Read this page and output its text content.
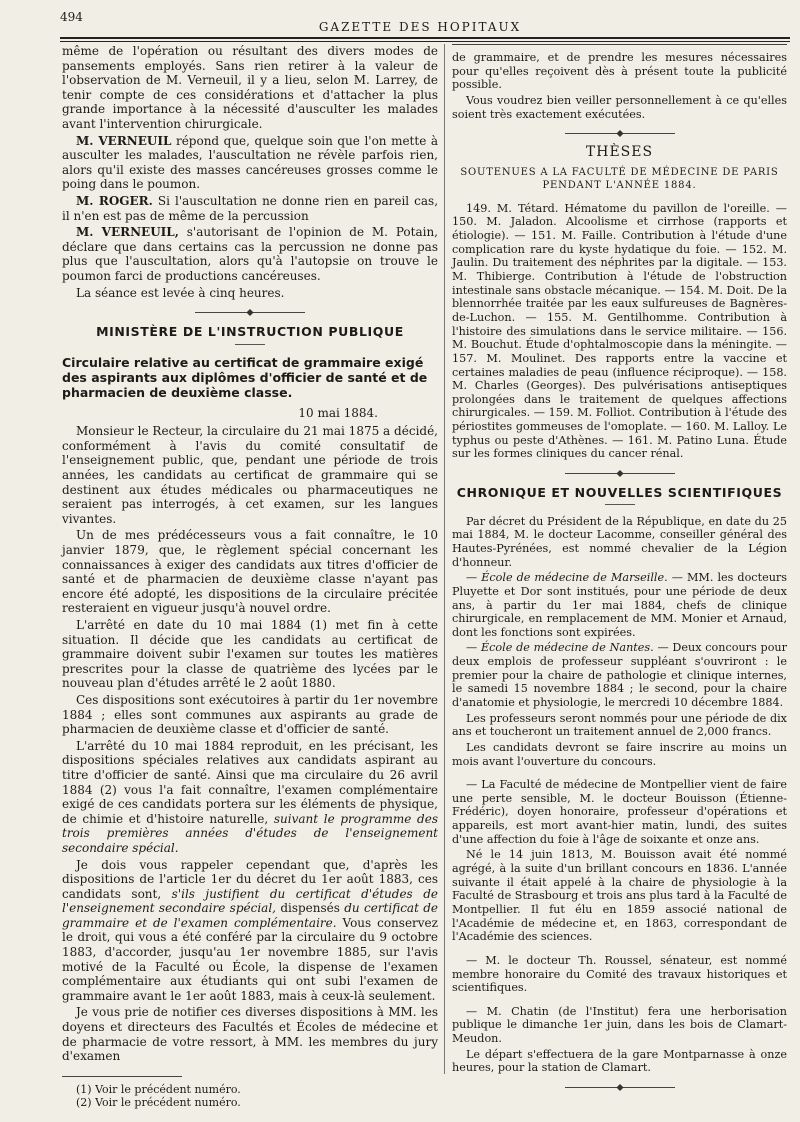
494
GAZETTE DES HOPITAUX

même de l'opération ou résultant des divers modes de pansements employés. Sans rien retirer à la valeur de l'observation de M. Verneuil, il y a lieu, selon M. Larrey, de tenir compte de ces considérations et d'attacher la plus grande importance à la nécessité d'ausculter les malades avant l'intervention chirurgicale.

M. VERNEUIL répond que, quelque soin que l'on mette à ausculter les malades, l'auscultation ne révèle parfois rien, alors qu'il existe des masses cancéreuses grosses comme le poing dans le poumon.

M. ROGER. Si l'auscultation ne donne rien en pareil cas, il n'en est pas de même de la percussion

M. VERNEUIL, s'autorisant de l'opinion de M. Potain, déclare que dans certains cas la percussion ne donne pas plus que l'auscultation, alors qu'à l'autopsie on trouve le poumon farci de productions cancéreuses.

La séance est levée à cinq heures.

MINISTÈRE DE L'INSTRUCTION PUBLIQUE
Circulaire relative au certificat de grammaire exigé des aspirants aux diplômes d'officier de santé et de pharmacien de deuxième classe.
10 mai 1884.

Monsieur le Recteur, la circulaire du 21 mai 1875 a décidé, conformément à l'avis du comité consultatif de l'enseignement public, que, pendant une période de trois années, les candidats au certificat de grammaire qui se destinent aux études médicales ou pharmaceutiques ne seraient pas interrogés, à cet examen, sur les langues vivantes.

Un de mes prédécesseurs vous a fait connaître, le 10 janvier 1879, que, le règlement spécial concernant les connaissances à exiger des candidats aux titres d'officier de santé et de pharmacien de deuxième classe n'ayant pas encore été adopté, les dispositions de la circulaire précitée resteraient en vigueur jusqu'à nouvel ordre.

L'arrêté en date du 10 mai 1884 (1) met fin à cette situation. Il décide que les candidats au certificat de grammaire doivent subir l'examen sur toutes les matières prescrites pour la classe de quatrième des lycées par le nouveau plan d'études arrêté le 2 août 1880.

Ces dispositions sont exécutoires à partir du 1er novembre 1884 ; elles sont communes aux aspirants au grade de pharmacien de deuxième classe et d'officier de santé.

L'arrêté du 10 mai 1884 reproduit, en les précisant, les dispositions spéciales relatives aux candidats aspirant au titre d'officier de santé. Ainsi que ma circulaire du 26 avril 1884 (2) vous l'a fait connaître, l'examen complémentaire exigé de ces candidats portera sur les éléments de physique, de chimie et d'histoire naturelle, suivant le programme des trois premières années d'études de l'enseignement secondaire spécial.

Je dois vous rappeler cependant que, d'après les dispositions de l'article 1er du décret du 1er août 1883, ces candidats sont, s'ils justifient du certificat d'études de l'enseignement secondaire spécial, dispensés du certificat de grammaire et de l'examen complémentaire. Vous conservez le droit, qui vous a été conféré par la circulaire du 9 octobre 1883, d'accorder, jusqu'au 1er novembre 1885, sur l'avis motivé de la Faculté ou École, la dispense de l'examen complémentaire aux étudiants qui ont subi l'examen de grammaire avant le 1er août 1883, mais à ceux-là seulement.

Je vous prie de notifier ces diverses dispositions à MM. les doyens et directeurs des Facultés et Écoles de médecine et de pharmacie de votre ressort, à MM. les membres du jury d'examen

(1) Voir le précédent numéro.

(2) Voir le précédent numéro.

de grammaire, et de prendre les mesures nécessaires pour qu'elles reçoivent dès à présent toute la publicité possible.

Vous voudrez bien veiller personnellement à ce qu'elles soient très exactement exécutées.

THÈSES
SOUTENUES A LA FACULTÉ DE MÉDECINE DE PARIS PENDANT L'ANNÉE 1884.

149. M. Tétard. Hématome du pavillon de l'oreille. — 150. M. Jaladon. Alcoolisme et cirrhose (rapports et étiologie). — 151. M. Faille. Contribution à l'étude d'une complication rare du kyste hydatique du foie. — 152. M. Jaulin. Du traitement des néphrites par la digitale. — 153. M. Thibierge. Contribution à l'étude de l'obstruction intestinale sans obstacle mécanique. — 154. M. Doit. De la blennorrhée traitée par les eaux sulfureuses de Bagnères-de-Luchon. — 155. M. Gentilhomme. Contribution à l'histoire des simulations dans le service militaire. — 156. M. Bouchut. Étude d'ophtalmoscopie dans la méningite. — 157. M. Moulinet. Des rapports entre la vaccine et certaines maladies de peau (influence réciproque). — 158. M. Charles (Georges). Des pulvérisations antiseptiques prolongées dans le traitement de quelques affections chirurgicales. — 159. M. Folliot. Contribution à l'étude des périostites gommeuses de l'omoplate. — 160. M. Lalloy. Le typhus ou peste d'Athènes. — 161. M. Patino Luna. Étude sur les formes cliniques du cancer rénal.

CHRONIQUE ET NOUVELLES SCIENTIFIQUES

Par décret du Président de la République, en date du 25 mai 1884, M. le docteur Lacomme, conseiller général des Hautes-Pyrénées, est nommé chevalier de la Légion d'honneur.

— École de médecine de Marseille. — MM. les docteurs Pluyette et Dor sont institués, pour une période de deux ans, à partir du 1er mai 1884, chefs de clinique chirurgicale, en remplacement de MM. Monier et Arnaud, dont les fonctions sont expirées.

— École de médecine de Nantes. — Deux concours pour deux emplois de professeur suppléant s'ouvriront : le premier pour la chaire de pathologie et clinique internes, le samedi 15 novembre 1884 ; le second, pour la chaire d'anatomie et physiologie, le mercredi 10 décembre 1884.

Les professeurs seront nommés pour une période de dix ans et toucheront un traitement annuel de 2,000 francs.

Les candidats devront se faire inscrire au moins un mois avant l'ouverture du concours.

— La Faculté de médecine de Montpellier vient de faire une perte sensible, M. le docteur Bouisson (Étienne-Frédéric), doyen honoraire, professeur d'opérations et appareils, est mort avant-hier matin, lundi, des suites d'une affection du foie à l'âge de soixante et onze ans.

Né le 14 juin 1813, M. Bouisson avait été nommé agrégé, à la suite d'un brillant concours en 1836. L'année suivante il était appelé à la chaire de physiologie à la Faculté de Strasbourg et trois ans plus tard à la Faculté de Montpellier. Il fut élu en 1859 associé national de l'Académie de médecine et, en 1863, correspondant de l'Académie des sciences.

— M. le docteur Th. Roussel, sénateur, est nommé membre honoraire du Comité des travaux historiques et scientifiques.

— M. Chatin (de l'Institut) fera une herborisation publique le dimanche 1er juin, dans les bois de Clamart-Meudon.

Le départ s'effectuera de la gare Montparnasse à onze heures, pour la station de Clamart.
